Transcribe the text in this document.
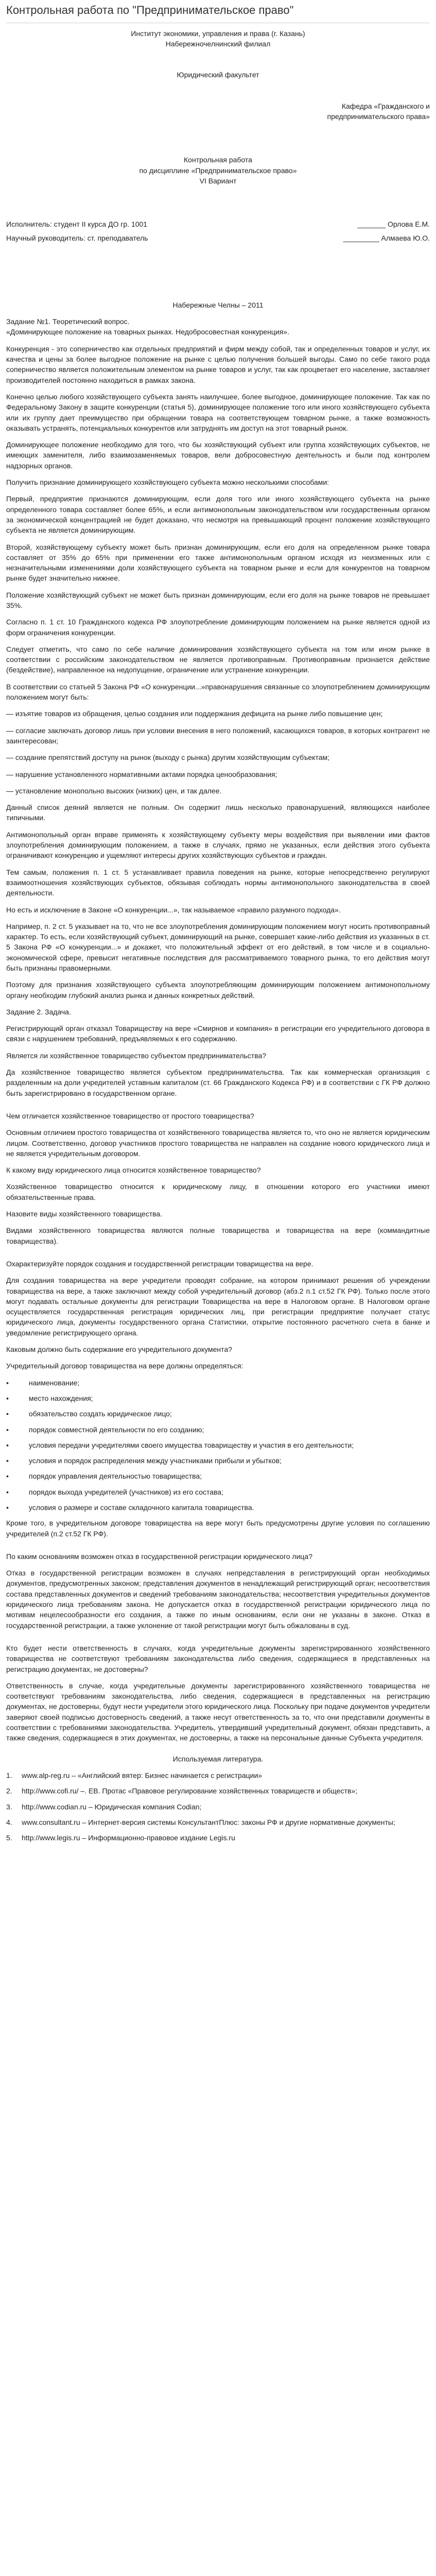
Контрольная работа по "Предпринимательское право"
Институт экономики, управления и права (г. Казань)
Набережночелнинский филиал
Юридический факультет
Кафедра «Гражданского и
предпринимательского права»
Контрольная работа
по дисциплине «Предпринимательское право»
VI Вариант
Исполнитель: студент II курса ДО гр. 1001	_______ Орлова Е.М.
Научный руководитель: ст. преподаватель	_________ Алмаева Ю.О.
Набережные Челны – 2011
Задание №1. Теоретический вопрос.

«Доминирующее положение на товарных рынках. Недобросовестная конкуренция».

Конкуренция - это соперничество как отдельных предприятий и фирм между собой, так и определенных товаров и услуг, их качества и цены за более выгодное положение на рынке с целью получения большей выгоды. Само по себе такого рода соперничество является положительным элементом на рынке товаров и услуг, так как процветает его население, заставляет производителей постоянно находиться в рамках закона.

Конечно целью любого хозяйствующего субъекта занять наилучшее, более выгодное, доминирующее положение. Так как по Федеральному Закону в защите конкуренции (статья 5), доминирующее положение того или иного хозяйствующего субъекта или их группу дает преимущество при обращении товара на соответствующем товарном рынке, а также возможность оказывать устранять, потенциальных конкурентов или затруднять им доступ на этот товарный рынок.

Доминирующее положение необходимо для того, что бы хозяйствующий субъект или группа хозяйствующих субъектов, не имеющих заменителя, либо взаимозаменяемых товаров, вели добросовестную деятельность и были под контролем надзорных органов.

Получить признание доминирующего хозяйствующего субъекта можно несколькими способами:

Первый, предприятие признаются доминирующим, если доля того или иного хозяйствующего субъекта на рынке определенного товара составляет более 65%, и если антимонопольным законодательством или государственным органом за экономической концентрацией не будет доказано, что несмотря на превышающий процент положение хозяйствующего субъекта не является доминирующим.

Второй, хозяйствующему субъекту может быть признан доминирующим, если его доля на определенном рынке товара составляет от 35% до 65% при применении его также антимонопольным органом исходя из неизменных или с незначительными изменениями доли хозяйствующего субъекта на товарном рынке и если для конкурентов на товарном рынке будет значительно нижнее.

Положение хозяйствующий субъект не может быть признан доминирующим, если его доля на рынке товаров не превышает 35%.

Согласно п. 1 ст. 10 Гражданского кодекса РФ злоупотребление доминирующим положением на рынке является одной из форм ограничения конкуренции.

Следует отметить, что само по себе наличие доминирования хозяйствующего субъекта на том или ином рынке в соответствии с российским законодательством не является противоправным. Противоправным признается действие (бездействие), направленное на недопущение, ограничение или устранение конкуренции.

В соответствии со статьей 5 Закона РФ «О конкуренции...»правонарушения связанные со злоупотреблением доминирующим положением могут быть:

— изъятие товаров из обращения, целью создания или поддержания дефицита на рынке либо повышение цен;

— согласие заключать договор лишь при условии внесения в него положений, касающихся товаров, в которых контрагент не заинтересован;

— создание препятствий доступу на рынок (выходу с рынка) другим хозяйствующим субъектам;

— нарушение установленного нормативными актами порядка ценообразования;

— установление монопольно высоких (низких) цен, и так далее.

Данный список деяний является не полным. Он содержит лишь несколько правонарушений, являющихся наиболее типичными.

Антимонопольный орган вправе применять к хозяйствующему субъекту меры воздействия при выявлении ими фактов злоупотребления доминирующим положением, а также в случаях, прямо не указанных, если действия этого субъекта ограничивают конкуренцию и ущемляют интересы других хозяйствующих субъектов и граждан.

Тем самым, положения п. 1 ст. 5 устанавливает правила поведения на рынке, которые непосредственно регулируют взаимоотношения хозяйствующих субъектов, обязывая соблюдать нормы антимонопольного законодательства в своей деятельности.

Но есть и исключение в Законе «О конкуренции...», так называемое «правило разумного подхода».

Например, п. 2 ст. 5 указывает на то, что не все злоупотребления доминирующим положением могут носить противоправный характер. То есть, если хозяйствующий субъект, доминирующий на рынке, совершает какие-либо действия из указанных в ст. 5 Закона РФ «О конкуренции...» и докажет, что положительный эффект от его действий, в том числе и в социально-экономической сфере, превысит негативные последствия для рассматриваемого товарного рынка, то его действия могут быть признаны правомерными.

Поэтому для признания хозяйствующего субъекта злоупотребляющим доминирующим положением антимонопольному органу необходим глубокий анализ рынка и данных конкретных действий.

Задание 2. Задача.

Регистрирующий орган отказал Товариществу на вере «Смирнов и компания» в регистрации его учредительного договора в связи с нарушением требований, предъявляемых к его содержанию.

Является ли хозяйственное товарищество субъектом предпринимательства?

Да хозяйственное товарищество является субъектом предпринимательства. Так как коммерческая организация с разделенным на доли учредителей уставным капиталом (ст. 66 Гражданского Кодекса РФ) и в соответствии с ГК РФ должно быть зарегистрировано в государственном органе.

Чем отличается хозяйственное товарищество от простого товарищества?

Основным отличием простого товарищества от хозяйственного товарищества является то, что оно не является юридическим лицом. Соответственно, договор участников простого товарищества не направлен на создание нового юридического лица и не является учредительным договором.

К какому виду юридического лица относится хозяйственное товарищество?

Хозяйственное товарищество относится к юридическому лицу, в отношении которого его участники имеют обязательственные права.

Назовите виды хозяйственного товарищества.

Видами хозяйственного товарищества являются полные товарищества и товарищества на вере (коммандитные товарищества).

Охарактеризуйте порядок создания и государственной регистрации товарищества на вере.

Для создания товарищества на вере учредители проводят собрание, на котором принимают решения об учреждении товарищества на вере, а также заключают между собой учредительный договор (абз.2 п.1 ст.52 ГК РФ). Только после этого могут подавать остальные документы для регистрации Товарищества на вере в Налоговом органе. В Налоговом органе осуществляется государственная регистрация юридических лиц, при регистрации предприятие получает статус юридического лица, документы государственного органа Статистики, открытие постоянного расчетного счета в банке и уведомление регистрирующего органа.

Каковым должно быть содержание его учредительного документа?

Учредительный договор товарищества на вере должны определяться:

•	наименование;
•	место нахождения;
•	обязательство создать юридическое лицо;
•	порядок совместной деятельности по его созданию;
•	условия передачи учредителями своего имущества товариществу и участия в его деятельности;
•	условия и порядок распределения между участниками прибыли и убытков;
•	порядок управления деятельностью товарищества;
•	порядок выхода учредителей (участников) из его состава;
•	условия о размере и составе складочного капитала товарищества.

Кроме того, в учредительном договоре товарищества на вере могут быть предусмотрены другие условия по соглашению учредителей (п.2 ст.52 ГК РФ).

По каким основаниям возможен отказ в государственной регистрации юридического лица?

Отказ в государственной регистрации возможен в случаях непредставления в регистрирующий орган необходимых документов, предусмотренных законом; представления документов в ненадлежащий регистрирующий орган; несоответствия состава представленных документов и сведений требованиям законодательства; несоответствия учредительных документов юридического лица требованиям закона. Не допускается отказ в государственной регистрации юридического лица по мотивам нецелесообразности его создания, а также по иным основаниям, если они не указаны в законе. Отказ в государственной регистрации, а также уклонение от такой регистрации могут быть обжалованы в суд.

Кто будет нести ответственность в случаях, когда учредительные документы зарегистрированного хозяйственного товарищества не соответствуют требованиям законодательства либо сведения, содержащиеся в представленных на регистрацию документах, не достоверны?

Ответственность в случае, когда учредительные документы зарегистрированного хозяйственного товарищества не соответствуют требованиям законодательства, либо сведения, содержащиеся в представленных на регистрацию документах, не достоверны, будут нести учредители этого юридического лица. Поскольку при подаче документов учредители заверяют своей подписью достоверность сведений, а также несут ответственность за то, что они представили документы в соответствии с требованиями законодательства. Учредитель, утвердивший учредительный документ, обязан представить, а также сведения, содержащиеся в этих документах, не достоверны, а также на персональные данные Субъекта учредителя.

Используемая литература.
1.	www.alp-reg.ru – «Английский вятер: Бизнес начинается с регистрации»
2.	http://www.cofi.ru/ –. ЕВ. Протас «Правовое регулирование хозяйственных товариществ и обществ»;
3.	http://www.codian.ru – Юридическая компания Codian;
4.	www.consultant.ru – Интернет-версия системы КонсультантПлюс: законы РФ и другие нормативные документы;
5.	http://www.legis.ru – Информационно-правовое издание Legis.ru
